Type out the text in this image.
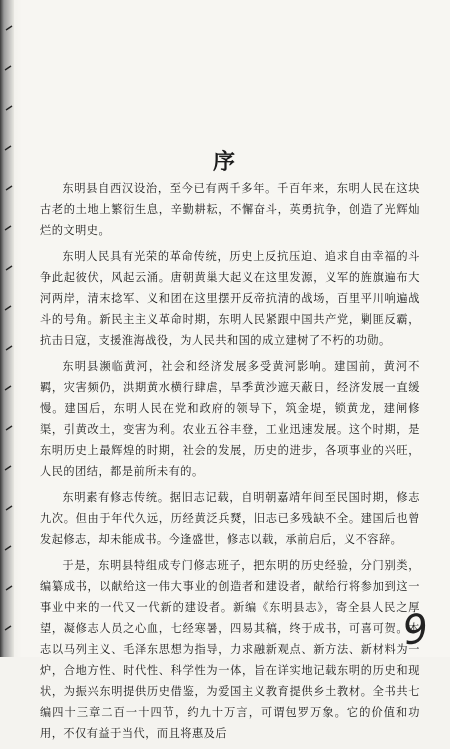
序

东明县自西汉设治，至今已有两千多年。千百年来，东明人民在这块古老的土地上繁衍生息，辛勤耕耘，不懈奋斗，英勇抗争，创造了光辉灿烂的文明史。

东明人民具有光荣的革命传统，历史上反抗压迫、追求自由幸福的斗争此起彼伏，风起云涌。唐朝黄巢大起义在这里发源，义军的旌旗遍布大河两岸，清末捻军、义和团在这里摆开反帝抗清的战场，百里平川响遍战斗的号角。新民主主义革命时期，东明人民紧跟中国共产党，剿匪反霸，抗击日寇，支援淮海战役，为人民共和国的成立建树了不朽的功勋。

东明县濒临黄河，社会和经济发展多受黄河影响。建国前，黄河不羁，灾害频仍，洪期黄水横行肆虐，旱季黄沙遮天蔽日，经济发展一直缓慢。建国后，东明人民在党和政府的领导下，筑金堤，锁黄龙，建闸修渠，引黄改土，变害为利。农业五谷丰登，工业迅速发展。这个时期，是东明历史上最辉煌的时期，社会的发展，历史的进步，各项事业的兴旺，人民的团结，都是前所未有的。

东明素有修志传统。据旧志记载，自明朝嘉靖年间至民国时期，修志九次。但由于年代久远，历经黄泛兵燹，旧志已多残缺不全。建国后也曾发起修志，却未能成书。今逢盛世，修志以载，承前启后，义不容辞。

于是，东明县特组成专门修志班子，把东明的历史经验，分门别类，编纂成书，以献给这一伟大事业的创造者和建设者，献给行将参加到这一事业中来的一代又一代新的建设者。新编《东明县志》，寄全县人民之厚望，凝修志人员之心血，七经寒暑，四易其稿，终于成书，可喜可贺。本志以马列主义、毛泽东思想为指导，力求融新观点、新方法、新材料为一炉，合地方性、时代性、科学性为一体，旨在详实地记载东明的历史和现状，为振兴东明提供历史借鉴，为爱国主义教育提供乡土教材。全书共七编四十三章二百一十四节，约九十万言，可谓包罗万象。它的价值和功用，不仅有益于当代，而且将惠及后

9
